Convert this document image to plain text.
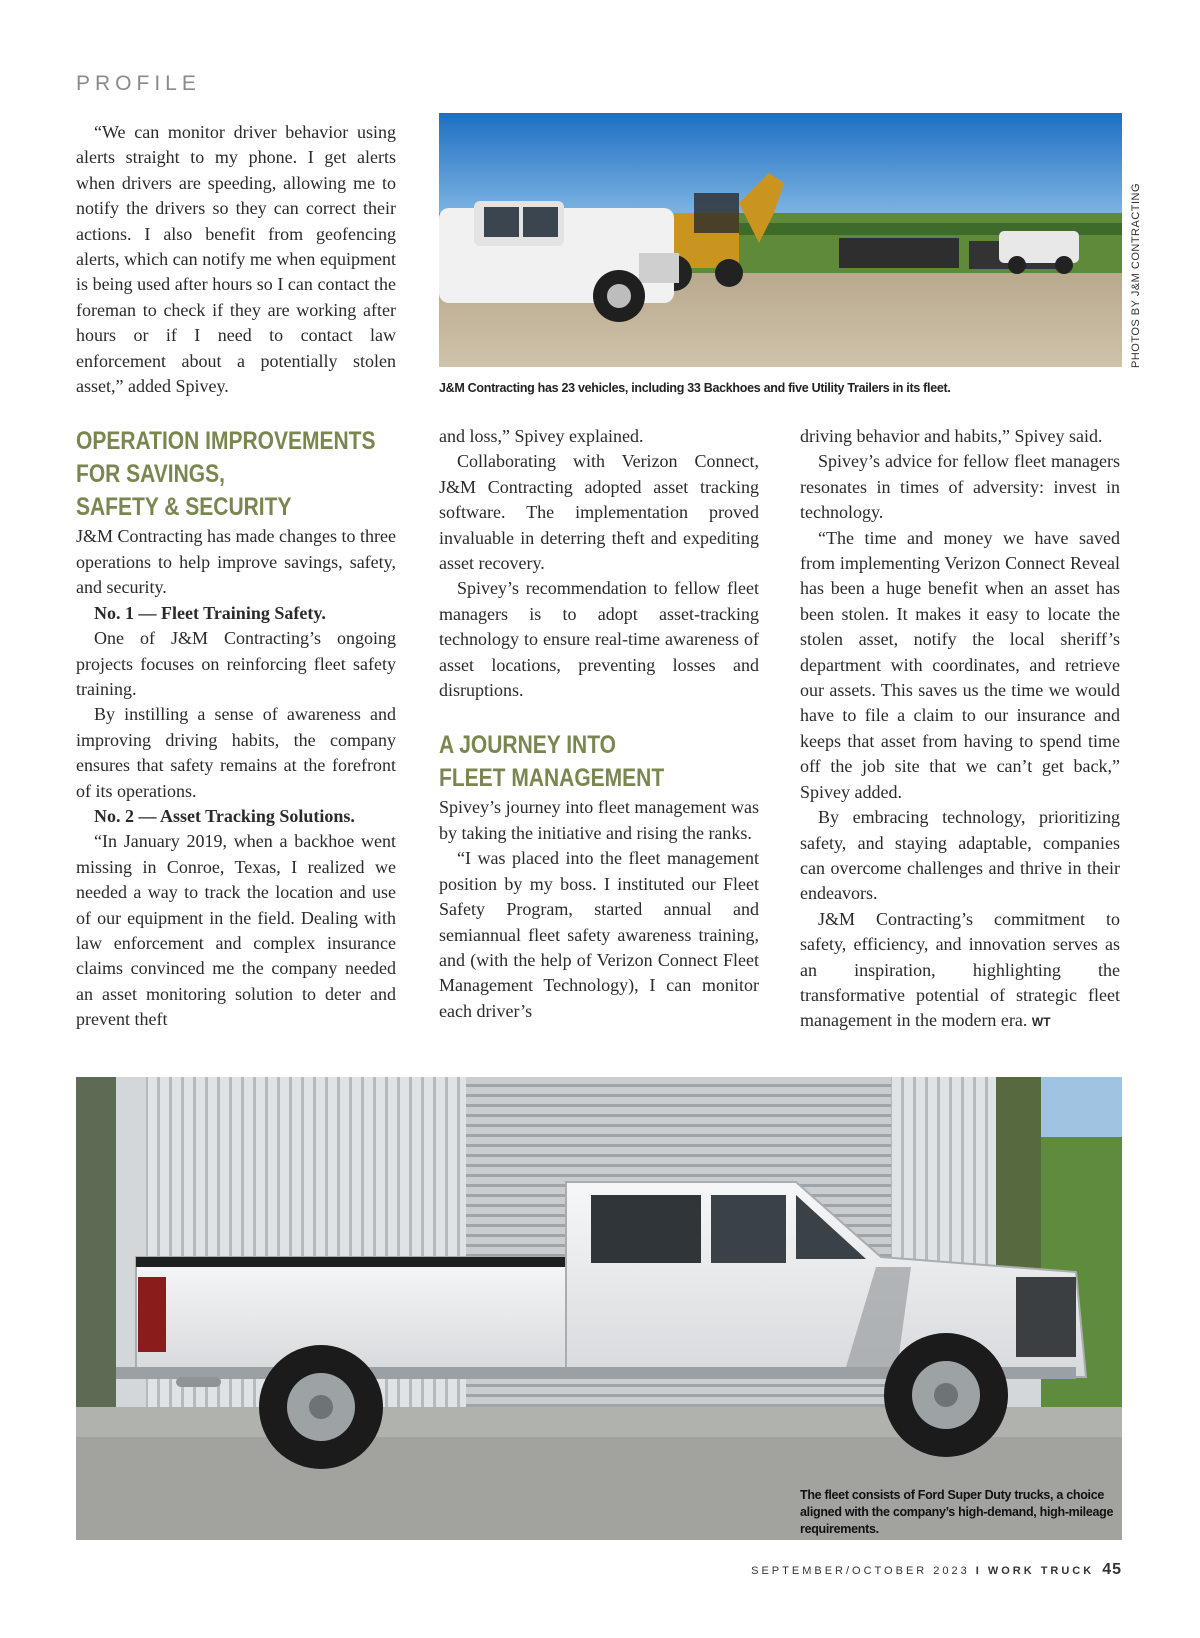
PROFILE

“We can monitor driver behavior using alerts straight to my phone. I get alerts when drivers are speeding, allowing me to notify the drivers so they can correct their actions. I also benefit from geofencing alerts, which can notify me when equipment is being used after hours so I can contact the foreman to check if they are working after hours or if I need to contact law enforcement about a potentially stolen asset,” added Spivey.

OPERATION IMPROVEMENTS
FOR SAVINGS,
SAFETY & SECURITY

J&M Contracting has made changes to three operations to help improve savings, safety, and security.

No. 1 — Fleet Training Safety.

One of J&M Contracting’s ongoing projects focuses on reinforcing fleet safety training.

By instilling a sense of awareness and improving driving habits, the company ensures that safety remains at the forefront of its operations.

No. 2 — Asset Tracking Solutions.

“In January 2019, when a backhoe went missing in Conroe, Texas, I realized we needed a way to track the location and use of our equipment in the field. Dealing with law enforcement and complex insurance claims convinced me the company needed an asset monitoring solution to deter and prevent theft

PHOTOS BY J&M CONTRACTING
J&M Contracting has 23 vehicles, including 33 Backhoes and five Utility Trailers in its fleet.

and loss,” Spivey explained.

Collaborating with Verizon Connect, J&M Contracting adopted asset tracking software. The implementation proved invaluable in deterring theft and expediting asset recovery.

Spivey’s recommendation to fellow fleet managers is to adopt asset-tracking technology to ensure real-time awareness of asset locations, preventing losses and disruptions.

A JOURNEY INTO
FLEET MANAGEMENT

Spivey’s journey into fleet management was by taking the initiative and rising the ranks.

“I was placed into the fleet management position by my boss. I instituted our Fleet Safety Program, started annual and semiannual fleet safety awareness training, and (with the help of Verizon Connect Fleet Management Technology), I can monitor each driver’s

driving behavior and habits,” Spivey said.

Spivey’s advice for fellow fleet managers resonates in times of adversity: invest in technology.

“The time and money we have saved from implementing Verizon Connect Reveal has been a huge benefit when an asset has been stolen. It makes it easy to locate the stolen asset, notify the local sheriff’s department with coordinates, and retrieve our assets. This saves us the time we would have to file a claim to our insurance and keeps that asset from having to spend time off the job site that we can’t get back,” Spivey added.

By embracing technology, prioritizing safety, and staying adaptable, companies can overcome challenges and thrive in their endeavors.

J&M Contracting’s commitment to safety, efficiency, and innovation serves as an inspiration, highlighting the transformative potential of strategic fleet management in the modern era. WT

The fleet consists of Ford Super Duty trucks, a choice aligned with the company’s high-demand, high-mileage requirements.
SEPTEMBER/OCTOBER 2023 I WORK TRUCK 45
